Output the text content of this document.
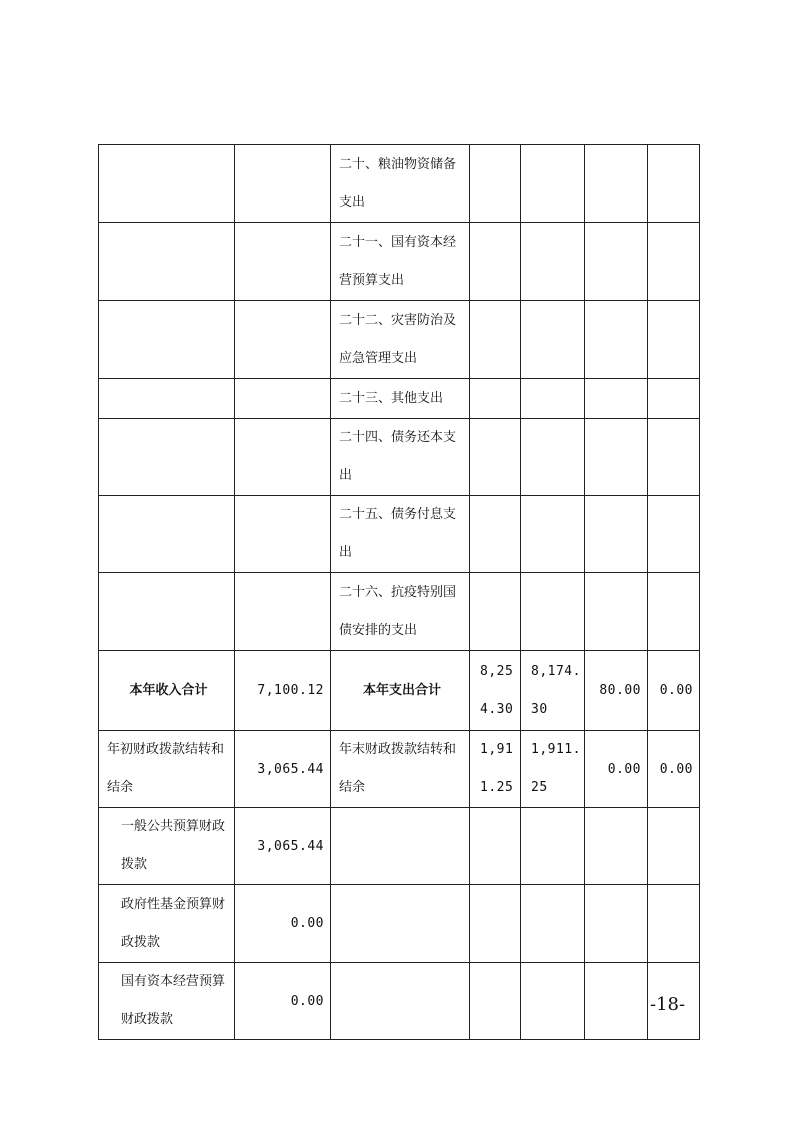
		二十、粮油物资储备支出				
		二十一、国有资本经营预算支出				
		二十二、灾害防治及应急管理支出				
		二十三、其他支出				
		二十四、债务还本支出				
		二十五、债务付息支出				
		二十六、抗疫特别国债安排的支出				
本年收入合计	7,100.12	本年支出合计	8,254.30	8,174.30	80.00	0.00
年初财政拨款结转和结余	3,065.44	年末财政拨款结转和结余	1,911.25	1,911.25	0.00	0.00
一般公共预算财政拨款	3,065.44					
政府性基金预算财政拨款	0.00					
国有资本经营预算财政拨款	0.00						-18-
